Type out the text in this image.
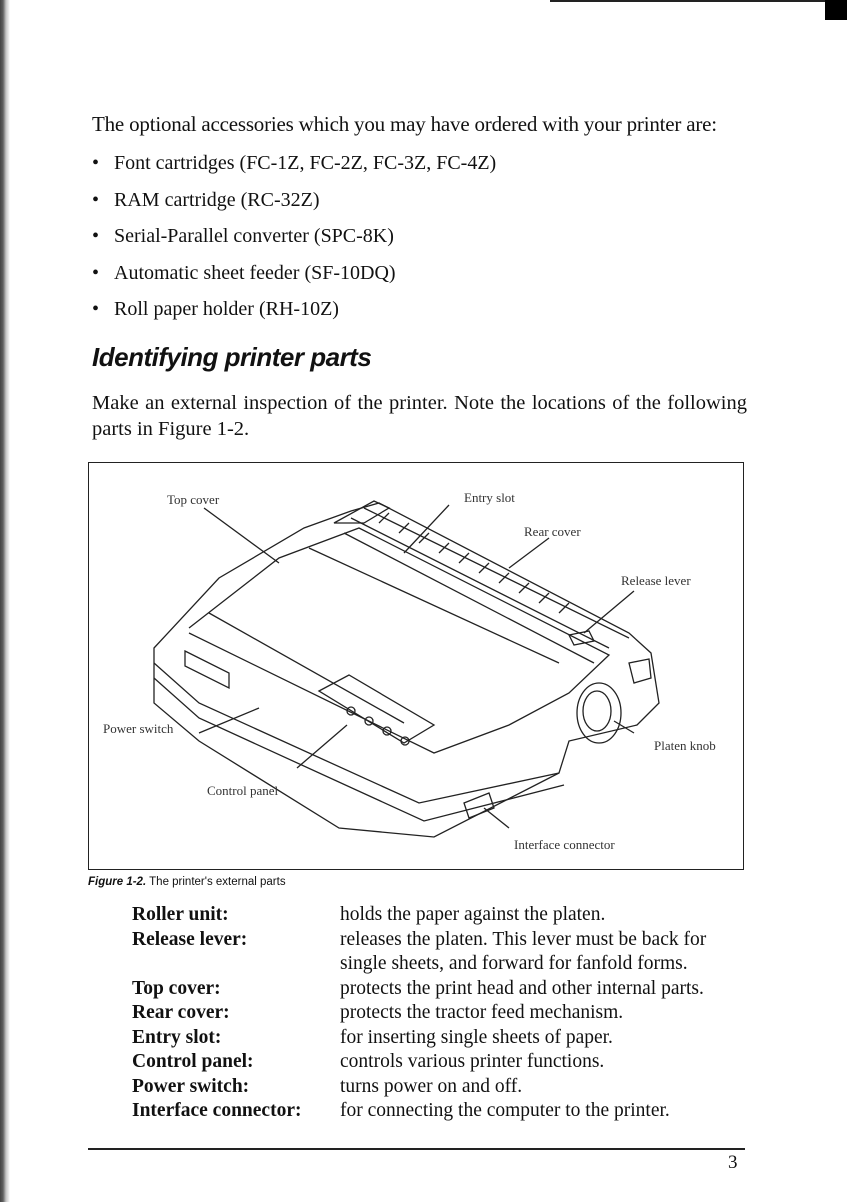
The optional accessories which you may have ordered with your printer are:
• Font cartridges (FC-1Z, FC-2Z, FC-3Z, FC-4Z)
• RAM cartridge (RC-32Z)
• Serial-Parallel converter (SPC-8K)
• Automatic sheet feeder (SF-10DQ)
• Roll paper holder (RH-10Z)
Identifying printer parts
Make an external inspection of the printer. Note the locations of the following parts in Figure 1-2.
Top cover	Entry slot
Rear cover
Release lever
Power switch
Platen knob
Control panel
Interface connector
Figure 1-2. The printer's external parts
Roller unit:	holds the paper against the platen.
Release lever:	releases the platen. This lever must be back for
single sheets, and forward for fanfold forms.
Top cover:	protects the print head and other internal parts.
Rear cover:	protects the tractor feed mechanism.
Entry slot:	for inserting single sheets of paper.
Control panel:	controls various printer functions.
Power switch:	turns power on and off.
Interface connector:	for connecting the computer to the printer.
3
